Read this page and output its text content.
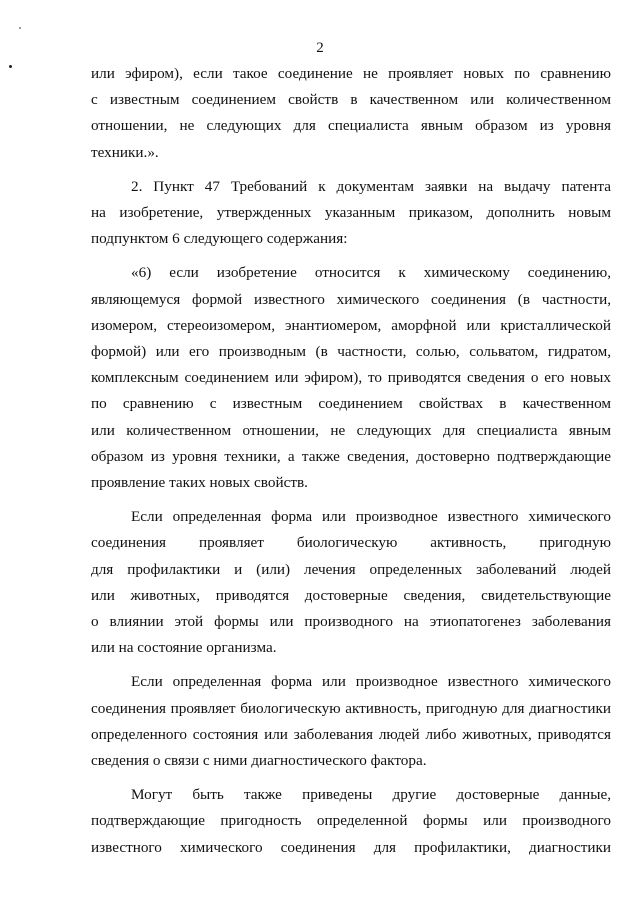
2
или эфиром), если такое соединение не проявляет новых по сравнению
с известным соединением свойств в качественном или количественном
отношении, не следующих для специалиста явным образом из уровня
техники.».
2. Пункт 47 Требований к документам заявки на выдачу патента
на изобретение, утвержденных указанным приказом, дополнить новым
подпунктом 6 следующего содержания:
«6) если изобретение относится к химическому соединению,
являющемуся формой известного химического соединения (в частности,
изомером, стереоизомером, энантиомером, аморфной или кристаллической
формой) или его производным (в частности, солью, сольватом, гидратом,
комплексным соединением или эфиром), то приводятся сведения о его новых
по сравнению с известным соединением свойствах в качественном
или количественном отношении, не следующих для специалиста явным
образом из уровня техники, а также сведения, достоверно подтверждающие
проявление таких новых свойств.
Если определенная форма или производное известного химического
соединения проявляет биологическую активность, пригодную
для профилактики и (или) лечения определенных заболеваний людей
или животных, приводятся достоверные сведения, свидетельствующие
о влиянии этой формы или производного на этиопатогенез заболевания
или на состояние организма.
Если определенная форма или производное известного химического
соединения проявляет биологическую активность, пригодную для диагностики
определенного состояния или заболевания людей либо животных, приводятся
сведения о связи с ними диагностического фактора.
Могут быть также приведены другие достоверные данные,
подтверждающие пригодность определенной формы или производного
известного химического соединения для профилактики, диагностики
